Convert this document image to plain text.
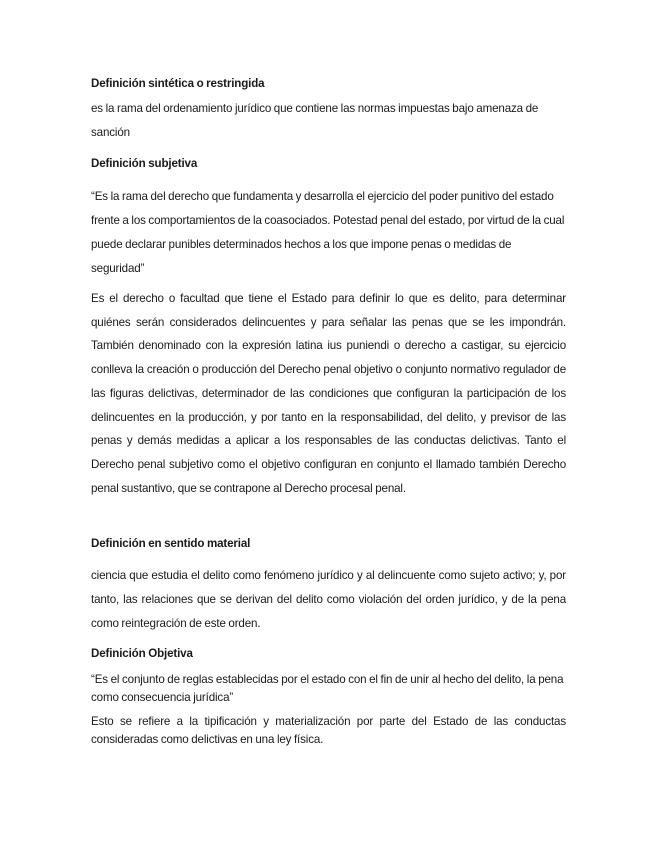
Definición sintética o restringida

es la rama del ordenamiento jurídico que contiene las normas impuestas bajo amenaza de sanción

Definición subjetiva

“Es la rama del derecho que fundamenta y desarrolla el ejercicio del poder punitivo del estado frente a los comportamientos de la coasociados. Potestad penal del estado, por virtud de la cual puede declarar punibles determinados hechos a los que impone penas o medidas de seguridad”

Es el derecho o facultad que tiene el Estado para definir lo que es delito, para determinar quiénes serán considerados delincuentes y para señalar las penas que se les impondrán. También denominado con la expresión latina ius puniendi o derecho a castigar, su ejercicio conlleva la creación o producción del Derecho penal objetivo o conjunto normativo regulador de las figuras delictivas, determinador de las condiciones que configuran la participación de los delincuentes en la producción, y por tanto en la responsabilidad, del delito, y previsor de las penas y demás medidas a aplicar a los responsables de las conductas delictivas. Tanto el Derecho penal subjetivo como el objetivo configuran en conjunto el llamado también Derecho penal sustantivo, que se contrapone al Derecho procesal penal.

Definición en sentido material

ciencia que estudia el delito como fenómeno jurídico y al delincuente como sujeto activo; y, por tanto, las relaciones que se derivan del delito como violación del orden jurídico, y de la pena como reintegración de este orden.

Definición Objetiva

“Es el conjunto de reglas establecidas por el estado con el fin de unir al hecho del delito, la pena como consecuencia jurídica”

Esto se refiere a la tipificación y materialización por parte del Estado de las conductas consideradas como delictivas en una ley física.
